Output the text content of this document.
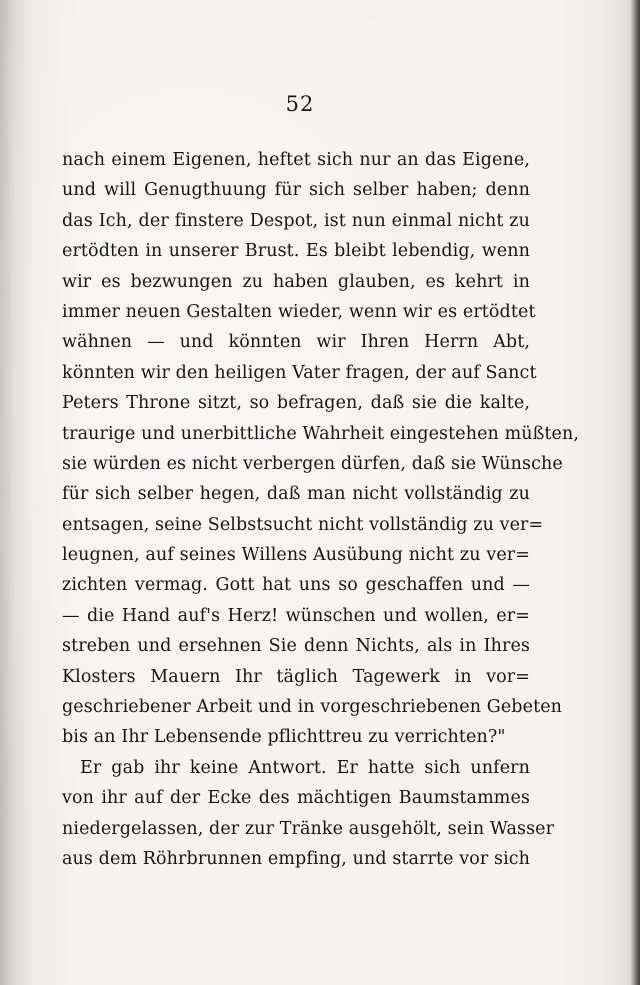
52
nach einem Eigenen, heftet sich nur an das Eigene,
und will Genugthuung für sich selber haben; denn
das Ich, der finstere Despot, ist nun einmal nicht zu
ertödten in unserer Brust. Es bleibt lebendig, wenn
wir es bezwungen zu haben glauben, es kehrt in
immer neuen Gestalten wieder, wenn wir es ertödtet
wähnen — und könnten wir Ihren Herrn Abt,
könnten wir den heiligen Vater fragen, der auf Sanct
Peters Throne sitzt, so befragen, daß sie die kalte,
traurige und unerbittliche Wahrheit eingestehen müßten,
sie würden es nicht verbergen dürfen, daß sie Wünsche
für sich selber hegen, daß man nicht vollständig zu
entsagen, seine Selbstsucht nicht vollständig zu ver=
leugnen, auf seines Willens Ausübung nicht zu ver=
zichten vermag. Gott hat uns so geschaffen und —
— die Hand auf's Herz! wünschen und wollen, er=
streben und ersehnen Sie denn Nichts, als in Ihres
Klosters Mauern Ihr täglich Tagewerk in vor=
geschriebener Arbeit und in vorgeschriebenen Gebeten
bis an Ihr Lebensende pflichttreu zu verrichten?"
Er gab ihr keine Antwort. Er hatte sich unfern
von ihr auf der Ecke des mächtigen Baumstammes
niedergelassen, der zur Tränke ausgehölt, sein Wasser
aus dem Röhrbrunnen empfing, und starrte vor sich
